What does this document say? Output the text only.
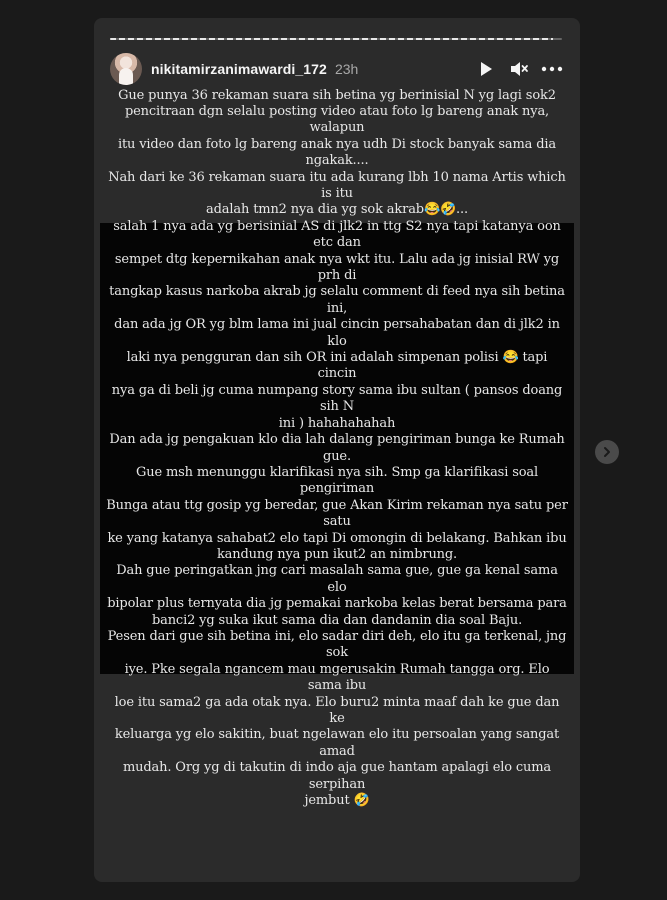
nikitamirzanimawardi_172 23h
Gue punya 36 rekaman suara sih betina yg berinisial N yg lagi sok2
pencitraan dgn selalu posting video atau foto lg bareng anak nya, walapun
itu video dan foto lg bareng anak nya udh Di stock banyak sama dia
ngakak....
Nah dari ke 36 rekaman suara itu ada kurang lbh 10 nama Artis which is itu
adalah tmn2 nya dia yg sok akrab😂🤣...
salah 1 nya ada yg berisinial AS di jlk2 in ttg S2 nya tapi katanya oon etc dan
sempet dtg kepernikahan anak nya wkt itu. Lalu ada jg inisial RW yg prh di
tangkap kasus narkoba akrab jg selalu comment di feed nya sih betina ini,
dan ada jg OR yg blm lama ini jual cincin persahabatan dan di jlk2 in klo
laki nya pengguran dan sih OR ini adalah simpenan polisi 😂 tapi cincin
nya ga di beli jg cuma numpang story sama ibu sultan ( pansos doang sih N
ini ) hahahahahah
Dan ada jg pengakuan klo dia lah dalang pengiriman bunga ke Rumah gue.
Gue msh menunggu klarifikasi nya sih. Smp ga klarifikasi soal pengiriman
Bunga atau ttg gosip yg beredar, gue Akan Kirim rekaman nya satu per satu
ke yang katanya sahabat2 elo tapi Di omongin di belakang. Bahkan ibu
kandung nya pun ikut2 an nimbrung.
Dah gue peringatkan jng cari masalah sama gue, gue ga kenal sama elo
bipolar plus ternyata dia jg pemakai narkoba kelas berat bersama para
banci2 yg suka ikut sama dia dan dandanin dia soal Baju.
Pesen dari gue sih betina ini, elo sadar diri deh, elo itu ga terkenal, jng sok
iye. Pke segala ngancem mau mgerusakin Rumah tangga org. Elo sama ibu
loe itu sama2 ga ada otak nya. Elo buru2 minta maaf dah ke gue dan ke
keluarga yg elo sakitin, buat ngelawan elo itu persoalan yang sangat amad
mudah. Org yg di takutin di indo aja gue hantam apalagi elo cuma serpihan
jembut 🤣
